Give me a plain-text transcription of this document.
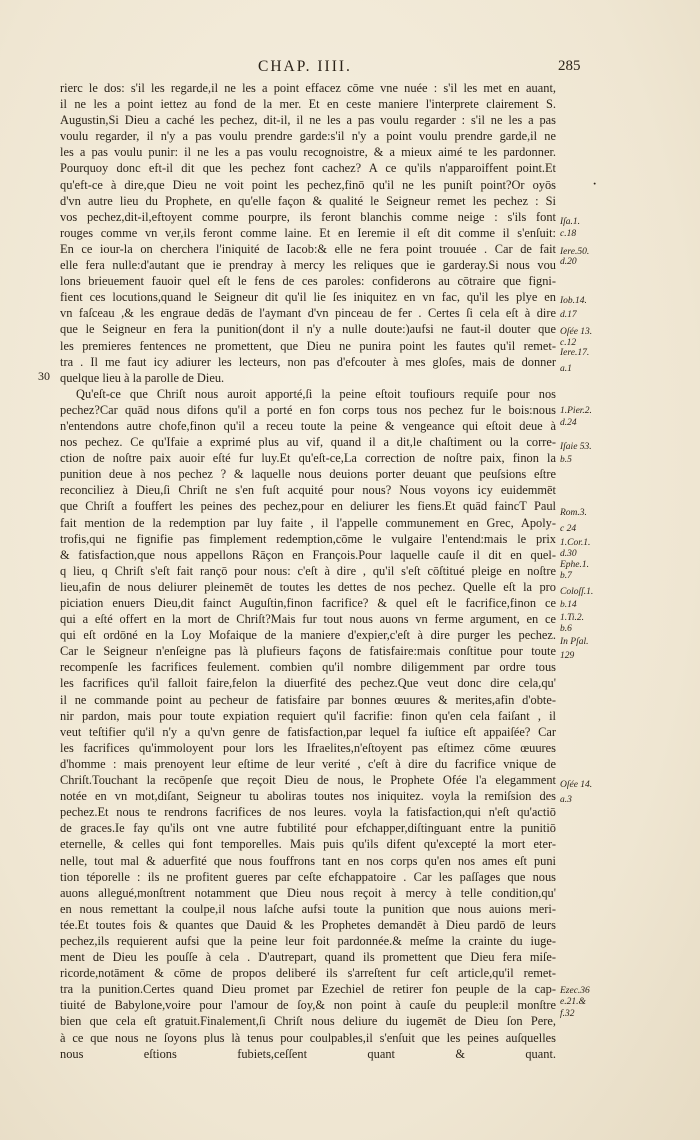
CHAP. IIII.	285
30
rierc le dos: s'il les regarde,il ne les a point effacez cōme vne nuée : s'il les met en auant,
il ne les a point iettez au fond de la mer. Et en ceste maniere l'interprete clairement S.
Augustin,Si Dieu a caché les pechez, dit-il, il ne les a pas voulu regarder : s'il ne les a pas
voulu regarder, il n'y a pas voulu prendre garde:s'il n'y a point voulu prendre garde,il ne
les a pas voulu punir: il ne les a pas voulu recognoistre, & a mieux aimé te les pardonner.
Pourquoy donc eft-il dit que les pechez font cachez? A ce qu'ils n'apparoiffent point.Et
qu'eft-ce à dire,que Dieu ne voit point les pechez,finō qu'il ne les puniſt point?Or oyōs
d'vn autre lieu du Prophete, en qu'elle façon & qualité le Seigneur remet les pechez : Si
vos pechez,dit-il,eftoyent comme pourpre, ils feront blanchis comme neige : s'ils font
rouges comme vn ver,ils feront comme laine. Et en Ieremie il eſt dit comme il s'enſuit:
En ce iour-la on cherchera l'iniquité de Iacob:& elle ne fera point trouuée . Car de fait
elle fera nulle:d'autant que ie prendray à mercy les reliques que ie garderay.Si nous vou
lons brieuement fauoir quel eſt le fens de ces paroles: confiderons au cōtraire que figni-
fient ces locutions,quand le Seigneur dit qu'il lie ſes iniquitez en vn fac, qu'il les plye en
vn faſceau ,& les engraue dedās de l'aymant d'vn pinceau de fer . Certes ſi cela eſt à dire
que le Seigneur en fera la punition(dont il n'y a nulle doute:)aufsi ne faut-il douter que
les premieres fentences ne promettent, que Dieu ne punira point les fautes qu'il remet-
tra . Il me faut icy adiurer les lecteurs, non pas d'efcouter à mes gloſes, mais de donner
quelque lieu à la parolle de Dieu.
Qu'eſt-ce que Chriſt nous auroit apporté,ſi la peine eſtoit toufiours requiſe pour nos
pechez?Car quād nous difons qu'il a porté en fon corps tous nos pechez fur le bois:nous
n'entendons autre chofe,finon qu'il a receu toute la peine & vengeance qui eſtoit deue à
nos pechez. Ce qu'Ifaie a exprimé plus au vif, quand il a dit,le chaſtiment ou la corre-
ction de noſtre paix auoir eſté fur luy.Et qu'eſt-ce,La correction de noſtre paix, finon la
punition deue à nos pechez ? & laquelle nous deuions porter deuant que peuſsions eſtre
reconciliez à Dieu,ſi Chriſt ne s'en fuſt acquité pour nous? Nous voyons icy euidemmēt
que Chriſt a fouffert les peines des pechez,pour en deliurer les fiens.Et quād faincT Paul
fait mention de la redemption par luy faite , il l'appelle communement en Grec, Apoly-
trofis,qui ne fignifie pas fimplement redemption,cōme le vulgaire l'entend:mais le prix
& fatisfaction,que nous appellons Rāçon en François.Pour laquelle cauſe il dit en quel-
q lieu, q Chriſt s'eſt fait rançō pour nous: c'eſt à dire , qu'il s'eſt cōſtitué pleige en noſtre
lieu,afin de nous deliurer pleinemēt de toutes les dettes de nos pechez. Quelle eſt la pro
piciation enuers Dieu,dit fainct Auguſtin,finon facrifice? & quel eſt le facrifice,finon ce
qui a eſté offert en la mort de Chriſt?Mais fur tout nous auons vn ferme argument, en ce
qui eſt ordōné en la Loy Mofaique de la maniere d'expier,c'eſt à dire purger les pechez.
Car le Seigneur n'enſeigne pas là plufieurs façons de fatisfaire:mais conſtitue pour toute
recompenſe les facrifices feulement. combien qu'il nombre diligemment par ordre tous
les facrifices qu'il falloit faire,felon la diuerfité des pechez.Que veut donc dire cela,qu'
il ne commande point au pecheur de fatisfaire par bonnes œuures & merites,afin d'obte-
nir pardon, mais pour toute expiation requiert qu'il facrifie: finon qu'en cela faiſant , il
veut teſtifier qu'il n'y a qu'vn genre de fatisfaction,par lequel fa iuſtice eſt appaiſée? Car
les facrifices qu'immoloyent pour lors les Ifraelites,n'eſtoyent pas eſtimez cōme œuures
d'homme : mais prenoyent leur eſtime de leur verité , c'eſt à dire du facrifice vnique de
Chriſt.Touchant la recōpenſe que reçoit Dieu de nous, le Prophete Ofée l'a elegamment
notée en vn mot,diſant, Seigneur tu aboliras toutes nos iniquitez. voyla la remiſsion des
pechez.Et nous te rendrons facrifices de nos leures. voyla la fatisfaction,qui n'eſt qu'actiō
de graces.Ie fay qu'ils ont vne autre fubtilité pour efchapper,diſtinguant entre la punitiō
eternelle, & celles qui font temporelles. Mais puis qu'ils difent qu'excepté la mort eter-
nelle, tout mal & aduerfité que nous fouffrons tant en nos corps qu'en nos ames eſt puni
tion téporelle : ils ne profitent gueres par ceſte efchappatoire . Car les paſſages que nous
auons allegué,monſtrent notamment que Dieu nous reçoit à mercy à telle condition,qu'
en nous remettant la coulpe,il nous laſche aufsi toute la punition que nous auions meri-
tée.Et toutes fois & quantes que Dauid & les Prophetes demandēt à Dieu pardō de leurs
pechez,ils requierent aufsi que la peine leur foit pardonnée.& meſme la crainte du iuge-
ment de Dieu les pouſſe à cela . D'autrepart, quand ils promettent que Dieu fera miſe-
ricorde,notāment & cōme de propos deliberé ils s'arreſtent fur ceſt article,qu'il remet-
tra la punition.Certes quand Dieu promet par Ezechiel de retirer fon peuple de la cap-
tiuité de Babylone,voire pour l'amour de ſoy,& non point à cauſe du peuple:il monſtre
bien que cela eſt gratuit.Finalement,ſi Chriſt nous deliure du iugemēt de Dieu ſon Pere,
à ce que nous ne ſoyons plus là tenus pour coulpables,il s'enſuit que les peines auſquelles
nous eſtions fubiets,ceſſent quant & quant.
Iſa.1.
c.18
Iere.50.
d.20
Iob.14.
d.17
Oſée 13.
c.12
Iere.17.
a.1
1.Pier.2.
d.24
Iſaie 53.
b.5
Rom.3.
c 24
1.Cor.1.
d.30
Ephe.1.
b.7
Coloſſ.1.
b.14
1.Ti.2.
b.6
In Pſal.
129
Oſée 14.
a.3
Ezec.36
e.21.&
f.32
·
